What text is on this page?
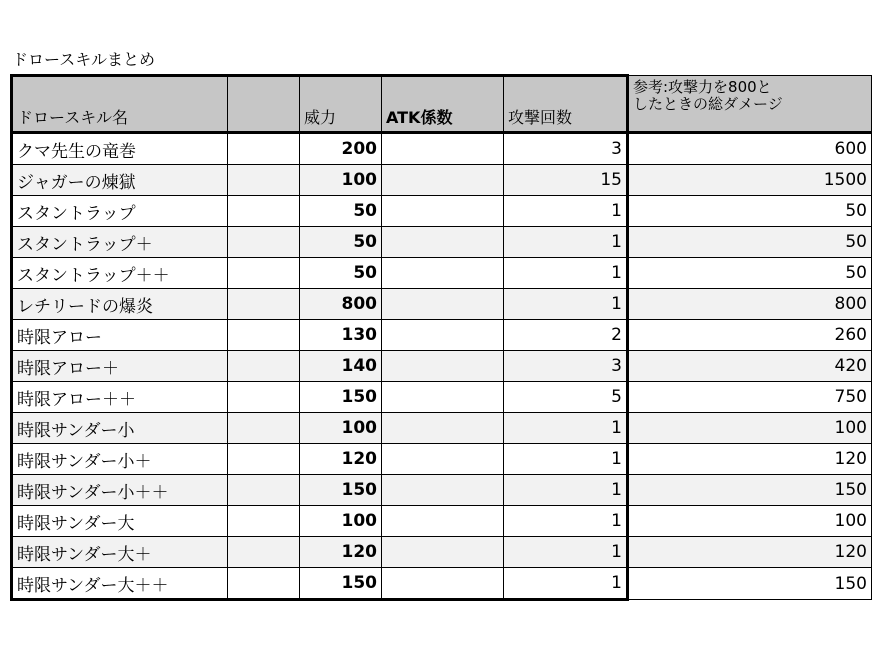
ドロースキルまとめ
ドロースキル名		威力	ATK係数	攻撃回数	参考:攻撃力を800と
したときの総ダメージ
クマ先生の竜巻		200		3	600
ジャガーの煉獄		100		15	1500
スタントラップ		50		1	50
スタントラップ＋		50		1	50
スタントラップ＋＋		50		1	50
レチリードの爆炎		800		1	800
時限アロー		130		2	260
時限アロー＋		140		3	420
時限アロー＋＋		150		5	750
時限サンダー小		100		1	100
時限サンダー小＋		120		1	120
時限サンダー小＋＋		150		1	150
時限サンダー大		100		1	100
時限サンダー大＋		120		1	120
時限サンダー大＋＋		150		1	150
